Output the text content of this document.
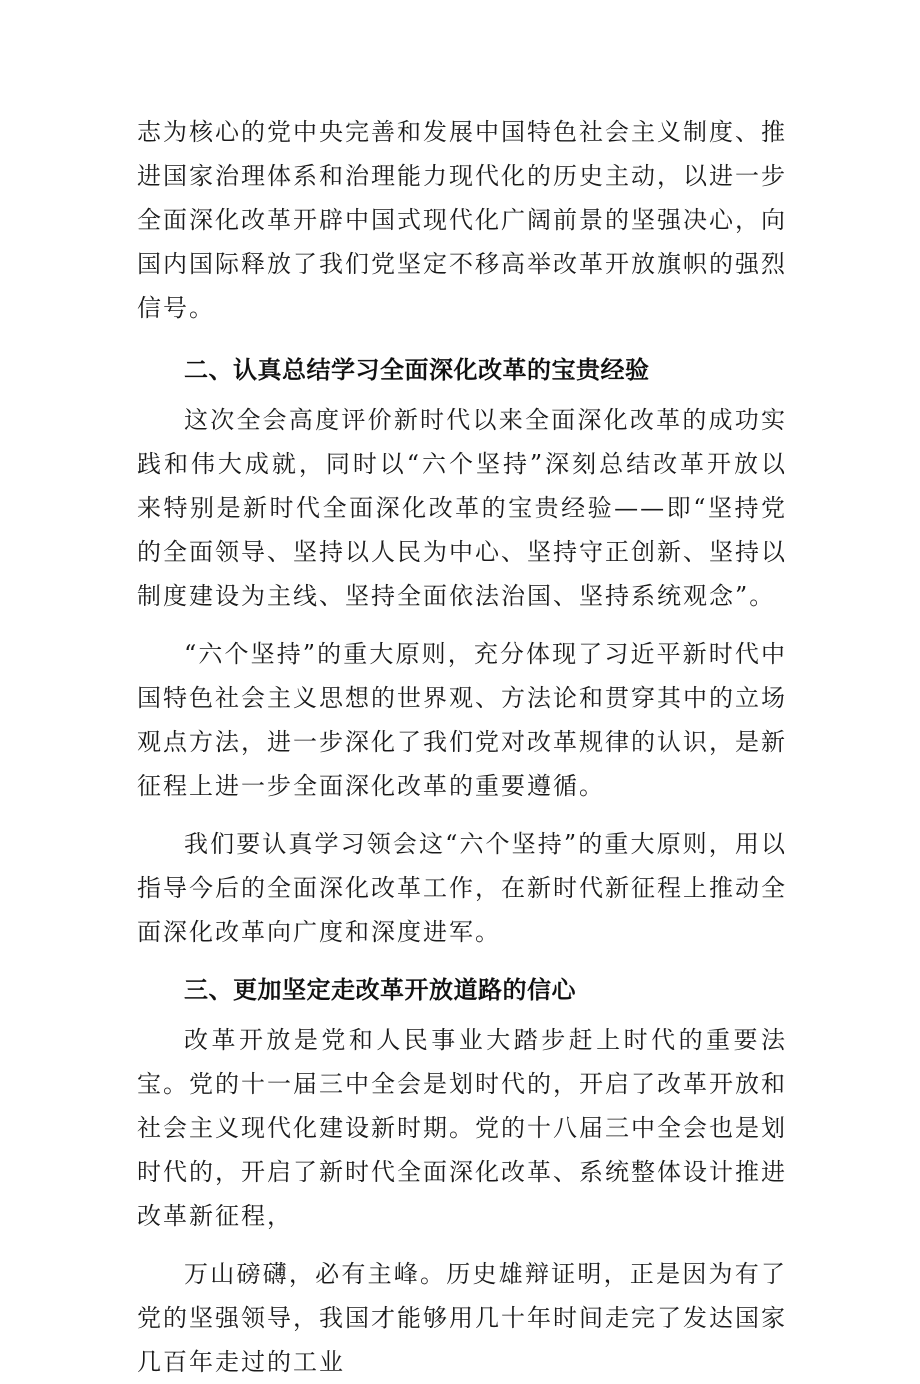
志为核心的党中央完善和发展中国特色社会主义制度、推进国家治理体系和治理能力现代化的历史主动，以进一步全面深化改革开辟中国式现代化广阔前景的坚强决心，向国内国际释放了我们党坚定不移高举改革开放旗帜的强烈信号。

二、认真总结学习全面深化改革的宝贵经验

这次全会高度评价新时代以来全面深化改革的成功实践和伟大成就，同时以“六个坚持”深刻总结改革开放以来特别是新时代全面深化改革的宝贵经验——即“坚持党的全面领导、坚持以人民为中心、坚持守正创新、坚持以制度建设为主线、坚持全面依法治国、坚持系统观念”。

“六个坚持”的重大原则，充分体现了习近平新时代中国特色社会主义思想的世界观、方法论和贯穿其中的立场观点方法，进一步深化了我们党对改革规律的认识，是新征程上进一步全面深化改革的重要遵循。

我们要认真学习领会这“六个坚持”的重大原则，用以指导今后的全面深化改革工作，在新时代新征程上推动全面深化改革向广度和深度进军。

三、更加坚定走改革开放道路的信心

改革开放是党和人民事业大踏步赶上时代的重要法宝。党的十一届三中全会是划时代的，开启了改革开放和社会主义现代化建设新时期。党的十八届三中全会也是划时代的，开启了新时代全面深化改革、系统整体设计推进改革新征程，

万山磅礴，必有主峰。历史雄辩证明，正是因为有了党的坚强领导，我国才能够用几十年时间走完了发达国家几百年走过的工业
